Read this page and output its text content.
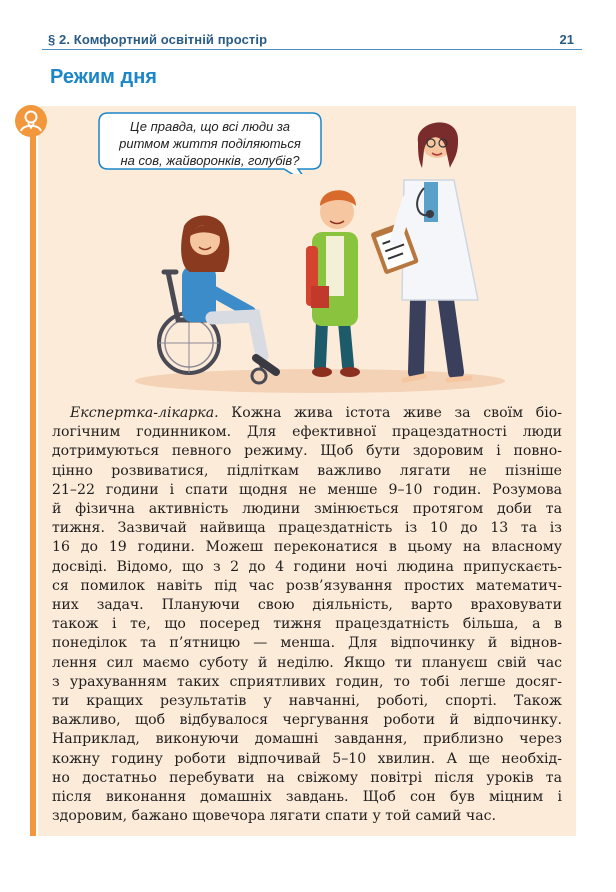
§ 2. Комфортний освітній простір	21
Режим дня
Це правда, що всі люди за
ритмом життя поділяються
на сов, жайворонків, голубів?
Експертка-лікарка. Кожна жива істота живе за своїм біо-
логічним годинником. Для ефективної працездатності люди
дотримуються певного режиму. Щоб бути здоровим і повно-
цінно розвиватися, підліткам важливо лягати не пізніше
21–22 години і спати щодня не менше 9–10 годин. Розумова
й фізична активність людини змінюється протягом доби та
тижня. Зазвичай найвища працездатність із 10 до 13 та із
16 до 19 години. Можеш переконатися в цьому на власному
досвіді. Відомо, що з 2 до 4 години ночі людина припускаєть-
ся помилок навіть під час розв’язування простих математич-
них задач. Плануючи свою діяльність, варто враховувати
також і те, що посеред тижня працездатність більша, а в
понеділок та п’ятницю — менша. Для відпочинку й віднов-
лення сил маємо суботу й неділю. Якщо ти плануєш свій час
з урахуванням таких сприятливих годин, то тобі легше досяг-
ти кращих результатів у навчанні, роботі, спорті. Також
важливо, щоб відбувалося чергування роботи й відпочинку.
Наприклад, виконуючи домашні завдання, приблизно через
кожну годину роботи відпочивай 5–10 хвилин. А ще необхід-
но достатньо перебувати на свіжому повітрі після уроків та
після виконання домашніх завдань. Щоб сон був міцним і
здоровим, бажано щовечора лягати спати у той самий час.
